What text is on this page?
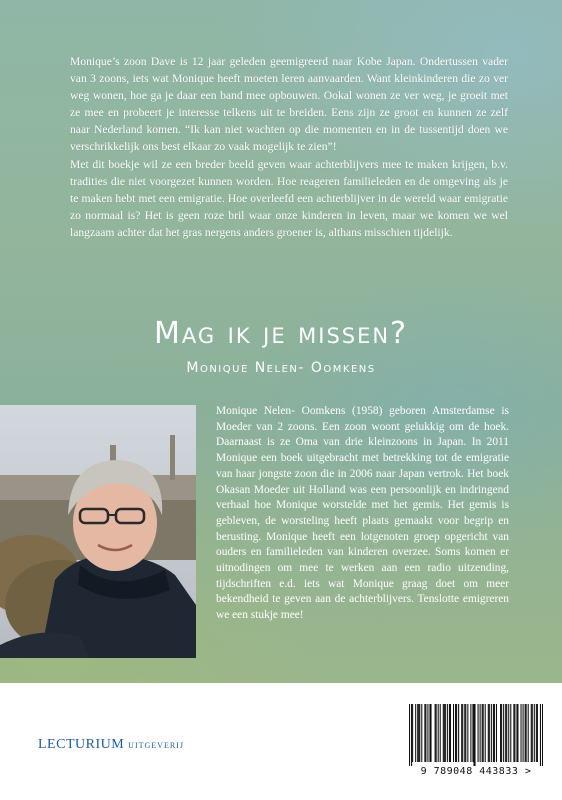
Monique’s zoon Dave is 12 jaar geleden geemigreerd naar Kobe Japan. Ondertussen vader van 3 zoons, iets wat Monique heeft moeten leren aanvaarden. Want kleinkinderen die zo ver weg wonen, hoe ga je daar een band mee opbouwen. Ookal wonen ze ver weg, je groeit met ze mee en probeert je interesse telkens uit te breiden. Eens zijn ze groot en kunnen ze zelf naar Nederland komen. “Ik kan niet wachten op die momenten en in de tussentijd doen we verschrikkelijk ons best elkaar zo vaak mogelijk te zien”!

Met dit boekje wil ze een breder beeld geven waar achterblijvers mee te maken krijgen, b.v. tradities die niet voorgezet kunnen worden. Hoe reageren familieleden en de omgeving als je te maken hebt met een emigratie. Hoe overleefd een achterblijver in de wereld waar emigratie zo normaal is? Het is geen roze bril waar onze kinderen in leven, maar we komen we wel langzaam achter dat het gras nergens anders groener is, althans misschien tijdelijk.

Mag ik je missen?
Monique Nelen- Oomkens

Monique Nelen- Oomkens (1958) geboren Amsterdamse is Moeder van 2 zoons. Een zoon woont gelukkig om de hoek. Daarnaast is ze Oma van drie kleinzoons in Japan. In 2011 Monique een boek uitgebracht met betrekking tot de emigratie van haar jongste zoon die in 2006 naar Japan vertrok. Het boek Okasan Moeder uit Holland was een persoonlijk en indringend verhaal hoe Monique worstelde met het gemis. Het gemis is gebleven, de worsteling heeft plaats gemaakt voor begrip en berusting. Monique heeft een lotgenoten groep opgericht van ouders en familieleden van kinderen overzee. Soms komen er uitnodingen om mee te werken aan een radio uitzending, tijdschriften e.d. iets wat Monique graag doet om meer bekendheid te geven aan de achterblijvers. Tenslotte emigreren we een stukje mee!

LECTURIUM uitgeverij
9 789048 443833 >
